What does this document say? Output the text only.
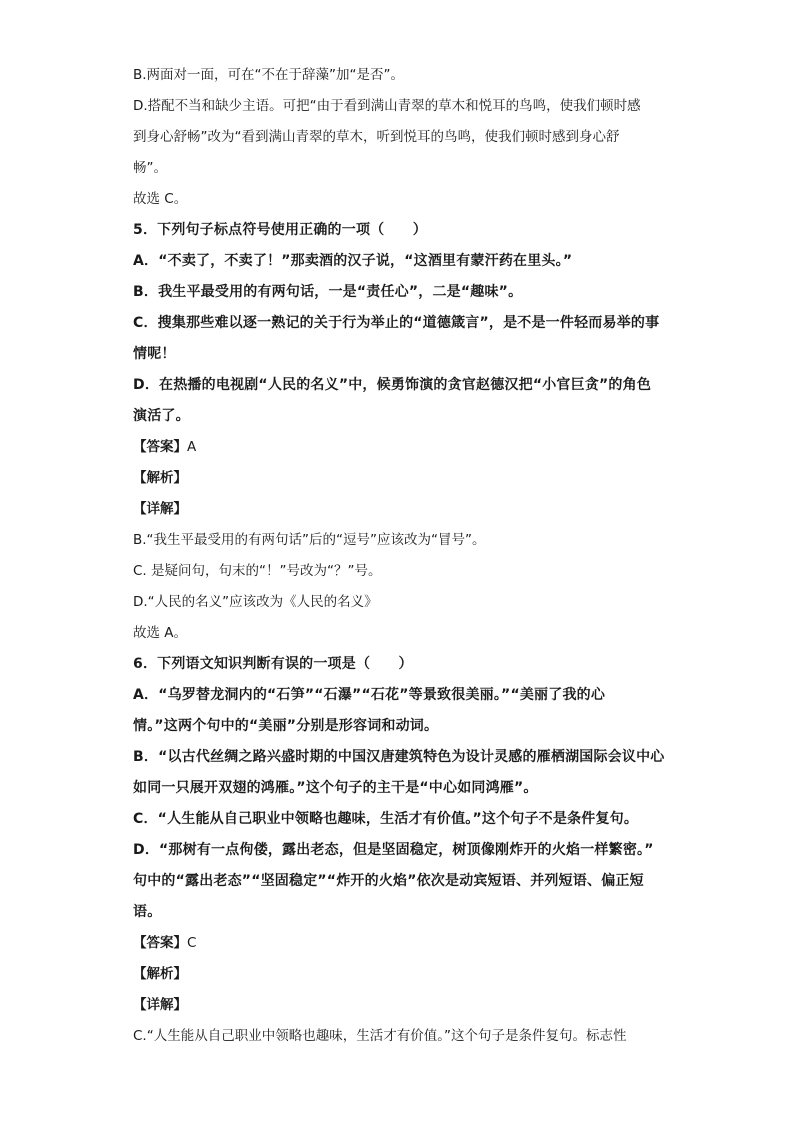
B.两面对一面，可在“不在于辞藻”加“是否”。
D.搭配不当和缺少主语。可把“由于看到满山青翠的草木和悦耳的鸟鸣，使我们顿时感
到身心舒畅”改为“看到满山青翠的草木，听到悦耳的鸟鸣，使我们顿时感到身心舒
畅”。
故选 C。
5．下列句子标点符号使用正确的一项（　　）
A．“不卖了，不卖了！”那卖酒的汉子说，“这酒里有蒙汗药在里头。”
B．我生平最受用的有两句话，一是“责任心”，二是“趣味”。
C．搜集那些难以逐一熟记的关于行为举止的“道德箴言”，是不是一件轻而易举的事
情呢！
D．在热播的电视剧“人民的名义”中，候勇饰演的贪官赵德汉把“小官巨贪”的角色
演活了。
【答案】A
【解析】
【详解】
B.“我生平最受用的有两句话”后的“逗号”应该改为“冒号”。
C. 是疑问句，句末的“！”号改为“？”号。
D.“人民的名义”应该改为《人民的名义》
故选 A。
6．下列语文知识判断有误的一项是（　　）
A．“乌罗替龙洞内的“石笋”“石瀑”“石花”等景致很美丽。”“美丽了我的心
情。”这两个句中的“美丽”分别是形容词和动词。
B．“以古代丝绸之路兴盛时期的中国汉唐建筑特色为设计灵感的雁栖湖国际会议中心
如同一只展开双翅的鸿雁。”这个句子的主干是“中心如同鸿雁”。
C．“人生能从自己职业中领略也趣味，生活才有价值。”这个句子不是条件复句。
D．“那树有一点佝偻，露出老态，但是坚固稳定，树顶像刚炸开的火焰一样繁密。”
句中的“露出老态”“坚固稳定”“炸开的火焰”依次是动宾短语、并列短语、偏正短
语。
【答案】C
【解析】
【详解】
C.“人生能从自己职业中领略也趣味，生活才有价值。”这个句子是条件复句。标志性
